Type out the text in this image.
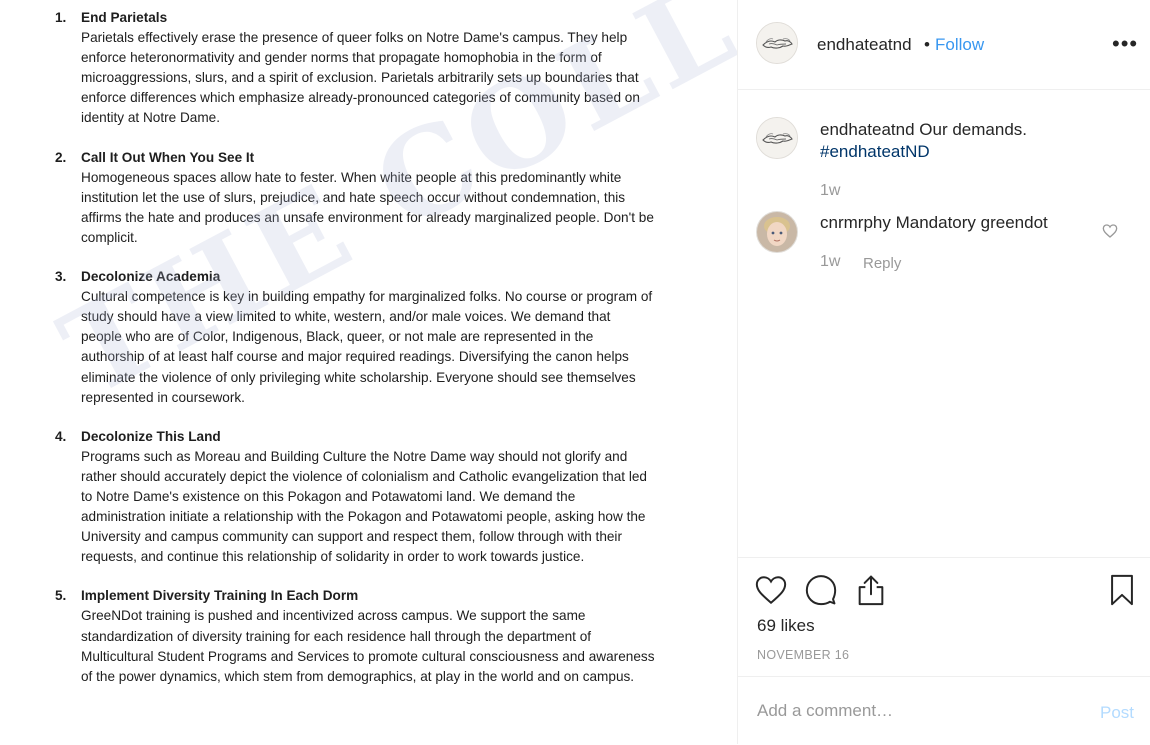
1. End Parietals
Parietals effectively erase the presence of queer folks on Notre Dame's campus. They help enforce heteronormativity and gender norms that propagate homophobia in the form of microaggressions, slurs, and a spirit of exclusion. Parietals arbitrarily sets up boundaries that enforce differences which emphasize already-pronounced categories of community based on identity at Notre Dame.
2. Call It Out When You See It
Homogeneous spaces allow hate to fester. When white people at this predominantly white institution let the use of slurs, prejudice, and hate speech occur without condemnation, this affirms the hate and produces an unsafe environment for already marginalized people. Don't be complicit.
3. Decolonize Academia
Cultural competence is key in building empathy for marginalized folks. No course or program of study should have a view limited to white, western, and/or male voices. We demand that people who are of Color, Indigenous, Black, queer, or not male are represented in the authorship of at least half course and major required readings. Diversifying the canon helps eliminate the violence of only privileging white scholarship. Everyone should see themselves represented in coursework.
4. Decolonize This Land
Programs such as Moreau and Building Culture the Notre Dame way should not glorify and rather should accurately depict the violence of colonialism and Catholic evangelization that led to Notre Dame's existence on this Pokagon and Potawatomi land. We demand the administration initiate a relationship with the Pokagon and Potawatomi people, asking how the University and campus community can support and respect them, follow through with their requests, and continue this relationship of solidarity in order to work towards justice.
5. Implement Diversity Training In Each Dorm
GreeNDot training is pushed and incentivized across campus. We support the same standardization of diversity training for each residence hall through the department of Multicultural Student Programs and Services to promote cultural consciousness and awareness of the power dynamics, which stem from demographics, at play in the world and on campus.
THE
endhateatnd • Follow	•••
endhateatnd Our demands.
#endhateatND
1w
cnrmrphy Mandatory greendot
1w Reply
69 likes
NOVEMBER 16
Add a comment…
Post
